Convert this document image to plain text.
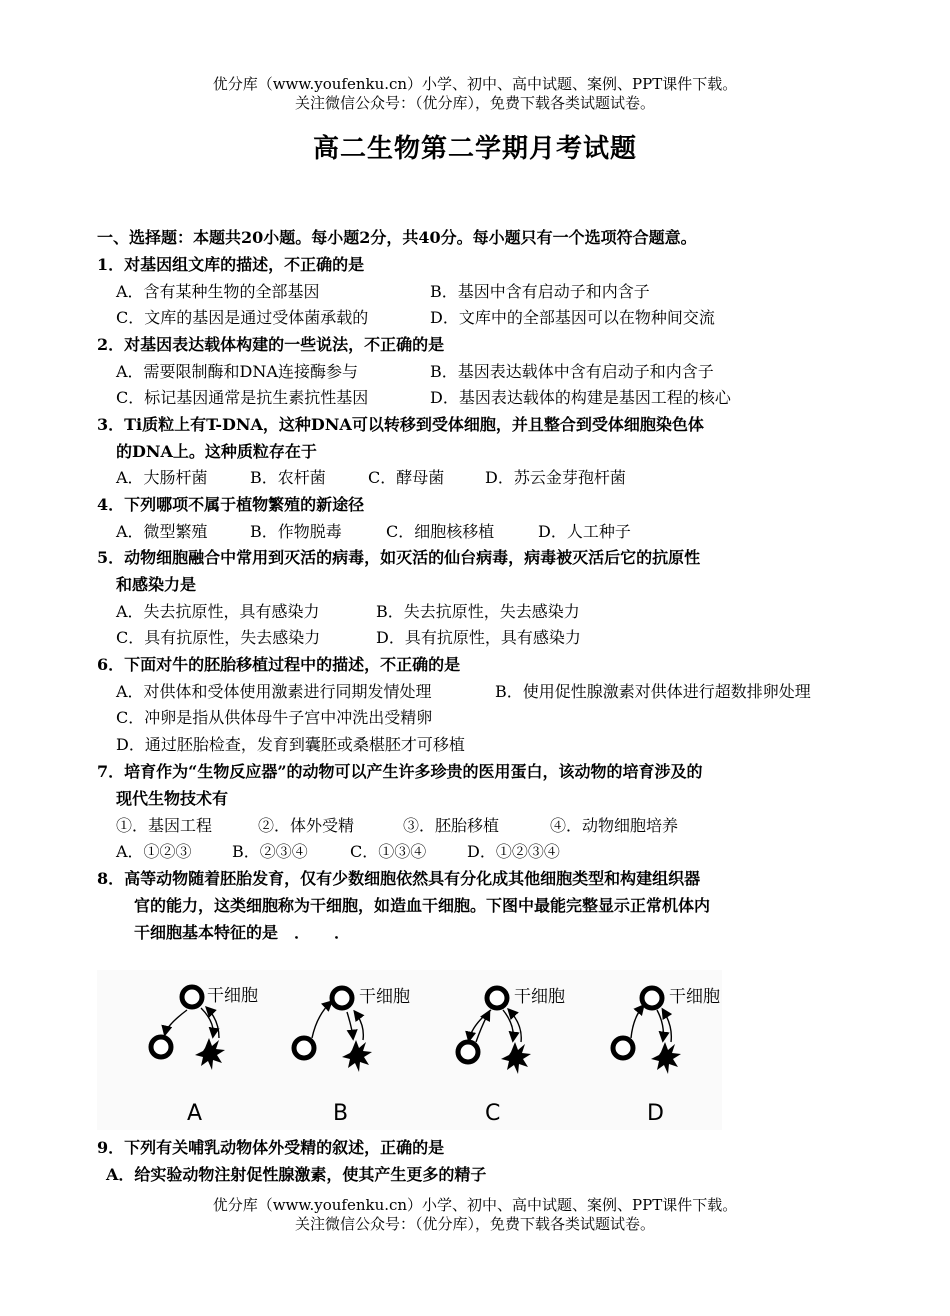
优分库（www.youfenku.cn）小学、初中、高中试题、案例、PPT课件下载。
关注微信公众号：（优分库），免费下载各类试题试卷。
高二生物第二学期月考试题
一、选择题：本题共20小题。每小题2分，共40分。每小题只有一个选项符合题意。
1．对基因组文库的描述，不正确的是
A．含有某种生物的全部基因	B．基因中含有启动子和内含子
C．文库的基因是通过受体菌承载的	D．文库中的全部基因可以在物种间交流
2．对基因表达载体构建的一些说法，不正确的是
A．需要限制酶和DNA连接酶参与	B．基因表达载体中含有启动子和内含子
C．标记基因通常是抗生素抗性基因	D．基因表达载体的构建是基因工程的核心
3．Ti质粒上有T-DNA，这种DNA可以转移到受体细胞，并且整合到受体细胞染色体
的DNA上。这种质粒存在于
A．大肠杆菌	B．农杆菌	C．酵母菌	D．苏云金芽孢杆菌
4．下列哪项不属于植物繁殖的新途径
A．微型繁殖	B．作物脱毒	C．细胞核移植	D．人工种子
5．动物细胞融合中常用到灭活的病毒，如灭活的仙台病毒，病毒被灭活后它的抗原性
和感染力是
A．失去抗原性，具有感染力	B．失去抗原性，失去感染力
C．具有抗原性，失去感染力	D．具有抗原性，具有感染力
6．下面对牛的胚胎移植过程中的描述，不正确的是
A．对供体和受体使用激素进行同期发情处理	B．使用促性腺激素对供体进行超数排卵处理
C．冲卵是指从供体母牛子宫中冲洗出受精卵
D．通过胚胎检查，发育到囊胚或桑椹胚才可移植
7．培育作为“生物反应器”的动物可以产生许多珍贵的医用蛋白，该动物的培育涉及的
现代生物技术有
①．基因工程	②．体外受精	③．胚胎移植	④．动物细胞培养
A．①②③	B．②③④	C．①③④	D．①②③④
8．高等动物随着胚胎发育，仅有少数细胞依然具有分化成其他细胞类型和构建组织器
官的能力，这类细胞称为干细胞，如造血干细胞。下图中最能完整显示正常机体内
干细胞基本特征的是　．　　．
干细胞
A
干细胞
B
干细胞
C
干细胞
D
9．下列有关哺乳动物体外受精的叙述，正确的是
A．给实验动物注射促性腺激素，使其产生更多的精子
优分库（www.youfenku.cn）小学、初中、高中试题、案例、PPT课件下载。
关注微信公众号：（优分库），免费下载各类试题试卷。
